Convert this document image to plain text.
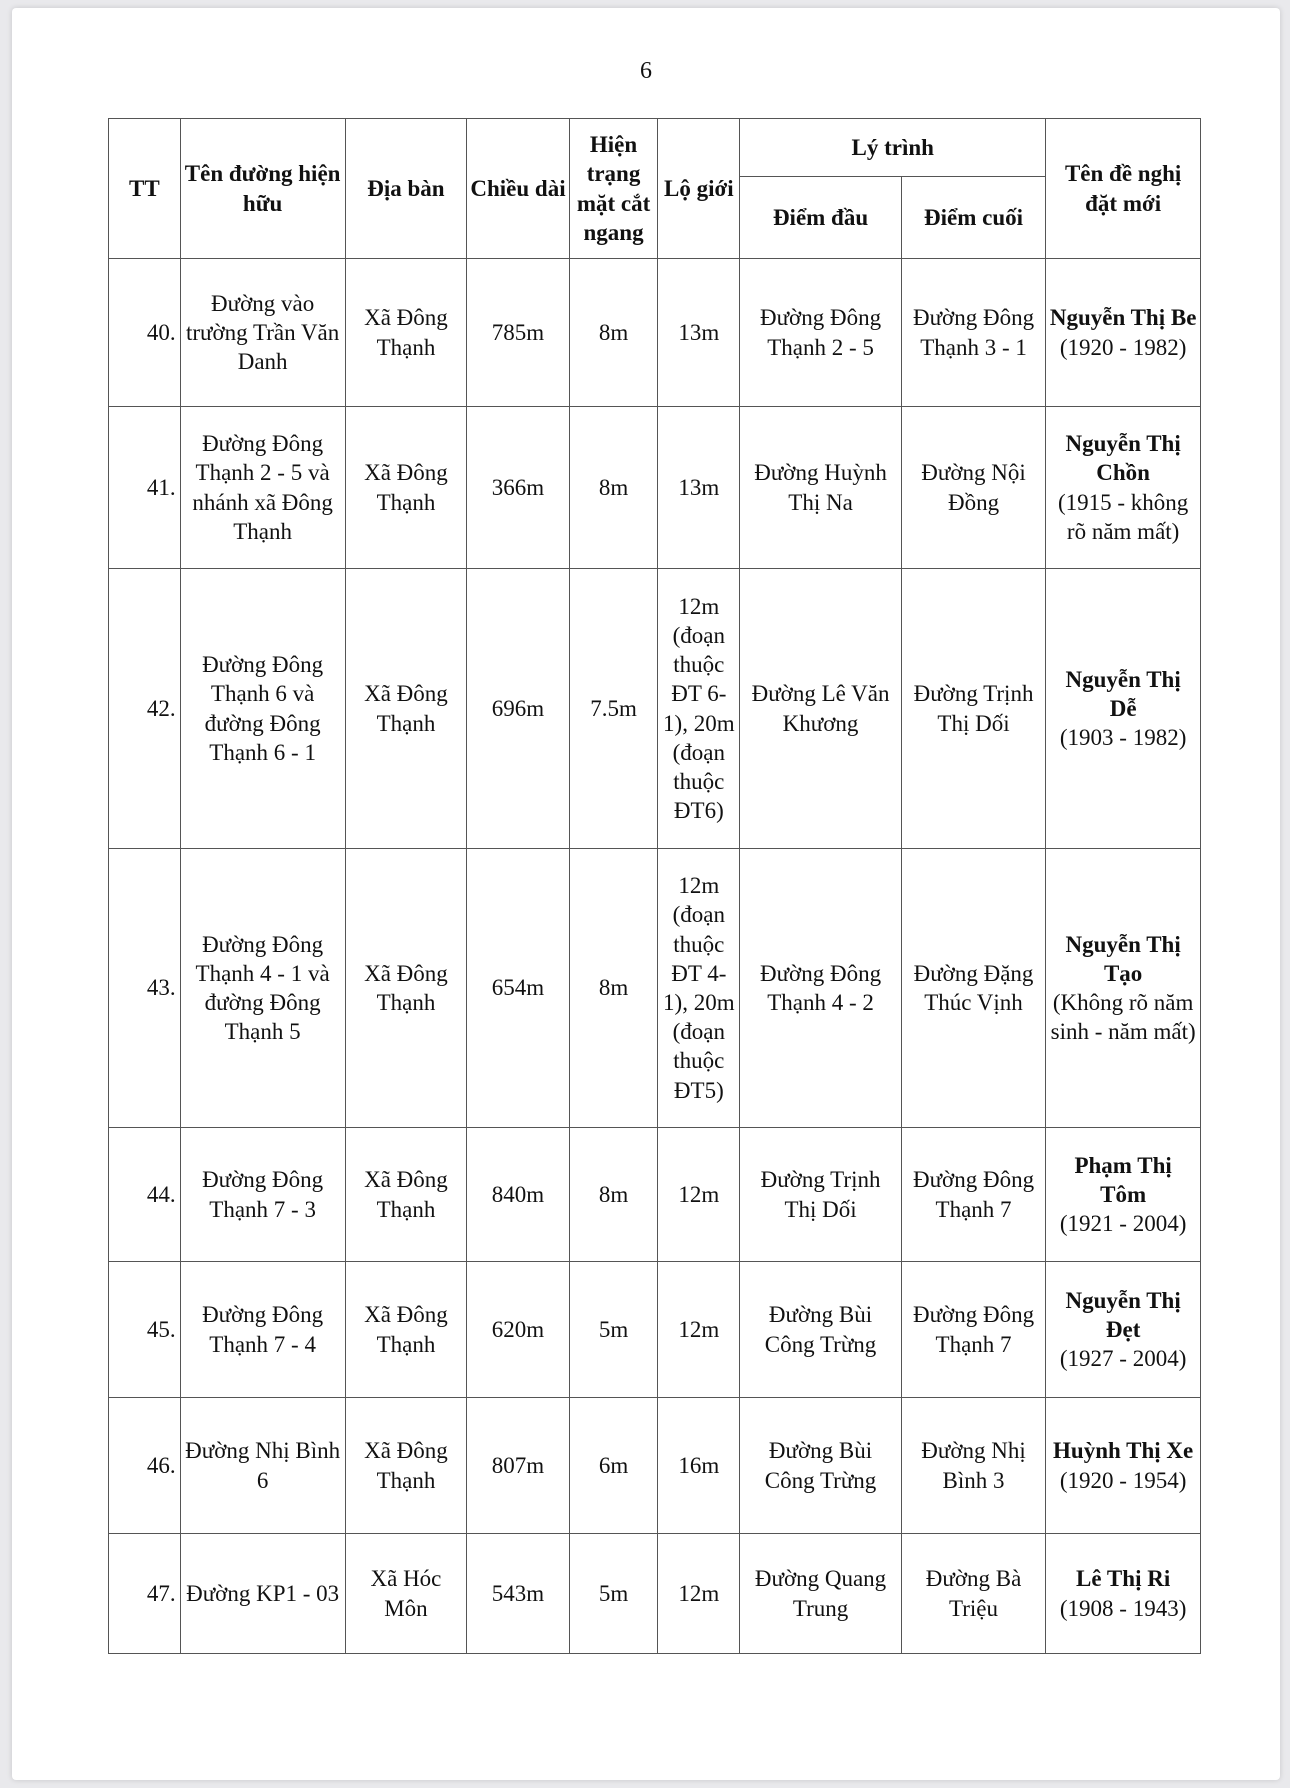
6
TT	Tên đường hiện hữu	Địa bàn	Chiều dài	Hiện trạng mặt cắt ngang	Lộ giới	Lý trình		Tên đề nghị đặt mới
						Điểm đầu	Điểm cuối	
40.	Đường vào trường Trần Văn Danh	Xã Đông Thạnh	785m	8m	13m	Đường Đông Thạnh 2 - 5	Đường Đông Thạnh 3 - 1	Nguyễn Thị Be
(1920 - 1982)

41.	Đường Đông Thạnh 2 - 5 và nhánh xã Đông Thạnh	Xã Đông Thạnh	366m	8m	13m	Đường Huỳnh Thị Na	Đường Nội Đồng	Nguyễn Thị Chồn
(1915 - không rõ năm mất)

42.	Đường Đông Thạnh 6 và đường Đông Thạnh 6 - 1	Xã Đông Thạnh	696m	7.5m	12m (đoạn thuộc ĐT 6-1), 20m (đoạn thuộc ĐT6)	Đường Lê Văn Khương	Đường Trịnh Thị Dối	Nguyễn Thị Dễ
(1903 - 1982)

43.	Đường Đông Thạnh 4 - 1 và đường Đông Thạnh 5	Xã Đông Thạnh	654m	8m	12m (đoạn thuộc ĐT 4-1), 20m (đoạn thuộc ĐT5)	Đường Đông Thạnh 4 - 2	Đường Đặng Thúc Vịnh	Nguyễn Thị Tạo
(Không rõ năm sinh - năm mất)

44.	Đường Đông Thạnh 7 - 3	Xã Đông Thạnh	840m	8m	12m	Đường Trịnh Thị Dối	Đường Đông Thạnh 7	Phạm Thị Tôm
(1921 - 2004)

45.	Đường Đông Thạnh 7 - 4	Xã Đông Thạnh	620m	5m	12m	Đường Bùi Công Trừng	Đường Đông Thạnh 7	Nguyễn Thị Đẹt
(1927 - 2004)

46.	Đường Nhị Bình 6	Xã Đông Thạnh	807m	6m	16m	Đường Bùi Công Trừng	Đường Nhị Bình 3	Huỳnh Thị Xe
(1920 - 1954)

47.	Đường KP1 - 03	Xã Hóc Môn	543m	5m	12m	Đường Quang Trung	Đường Bà Triệu	Lê Thị Ri
(1908 - 1943)
